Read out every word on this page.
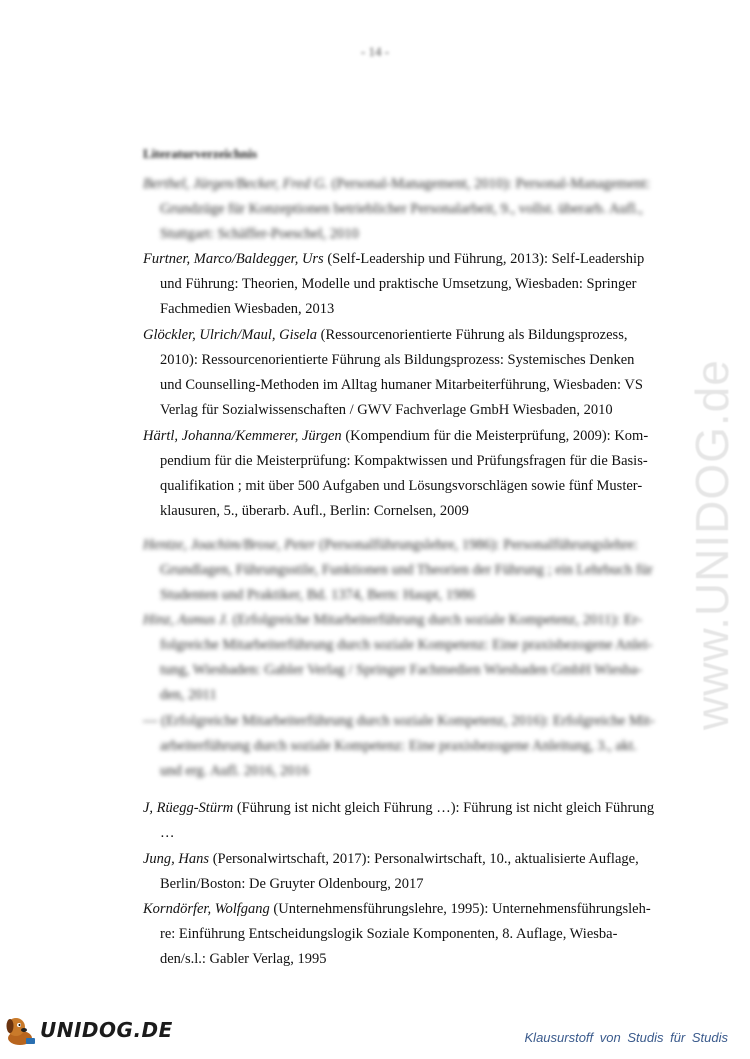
- 14 -
Literaturverzeichnis
www.UNIDOG.de
Berthel, Jürgen/Becker, Fred G. (Personal-Management, 2010): Personal-Management:
Grundzüge für Konzeptionen betrieblicher Personalarbeit, 9., vollst. überarb. Aufl.,
Stuttgart: Schäffer-Poeschel, 2010
Furtner, Marco/Baldegger, Urs (Self-Leadership und Führung, 2013): Self-Leadership
und Führung: Theorien, Modelle und praktische Umsetzung, Wiesbaden: Springer
Fachmedien Wiesbaden, 2013
Glöckler, Ulrich/Maul, Gisela (Ressourcenorientierte Führung als Bildungsprozess,
2010): Ressourcenorientierte Führung als Bildungsprozess: Systemisches Denken
und Counselling-Methoden im Alltag humaner Mitarbeiterführung, Wiesbaden: VS
Verlag für Sozialwissenschaften / GWV Fachverlage GmbH Wiesbaden, 2010
Härtl, Johanna/Kemmerer, Jürgen (Kompendium für die Meisterprüfung, 2009): Kom-
pendium für die Meisterprüfung: Kompaktwissen und Prüfungsfragen für die Basis-
qualifikation ; mit über 500 Aufgaben und Lösungsvorschlägen sowie fünf Muster-
klausuren, 5., überarb. Aufl., Berlin: Cornelsen, 2009
Hentze, Joachim/Brose, Peter (Personalführungslehre, 1986): Personalführungslehre:
Grundlagen, Führungsstile, Funktionen und Theorien der Führung ; ein Lehrbuch für
Studenten und Praktiker, Bd. 1374, Bern: Haupt, 1986
Hinz, Asmus J. (Erfolgreiche Mitarbeiterführung durch soziale Kompetenz, 2011): Er-
folgreiche Mitarbeiterführung durch soziale Kompetenz: Eine praxisbezogene Anlei-
tung, Wiesbaden: Gabler Verlag / Springer Fachmedien Wiesbaden GmbH Wiesba-
den, 2011
— (Erfolgreiche Mitarbeiterführung durch soziale Kompetenz, 2016): Erfolgreiche Mit-
arbeiterführung durch soziale Kompetenz: Eine praxisbezogene Anleitung, 3., akt.
und erg. Aufl. 2016, 2016
J, Rüegg-Stürm (Führung ist nicht gleich Führung …): Führung ist nicht gleich Führung
…
Jung, Hans (Personalwirtschaft, 2017): Personalwirtschaft, 10., aktualisierte Auflage,
Berlin/Boston: De Gruyter Oldenbourg, 2017
Korndörfer, Wolfgang (Unternehmensführungslehre, 1995): Unternehmensführungsleh-
re: Einführung Entscheidungslogik Soziale Komponenten, 8. Auflage, Wiesba-
den/s.l.: Gabler Verlag, 1995
UNIDOG.DE	Klausurstoff von Studis für Studis
